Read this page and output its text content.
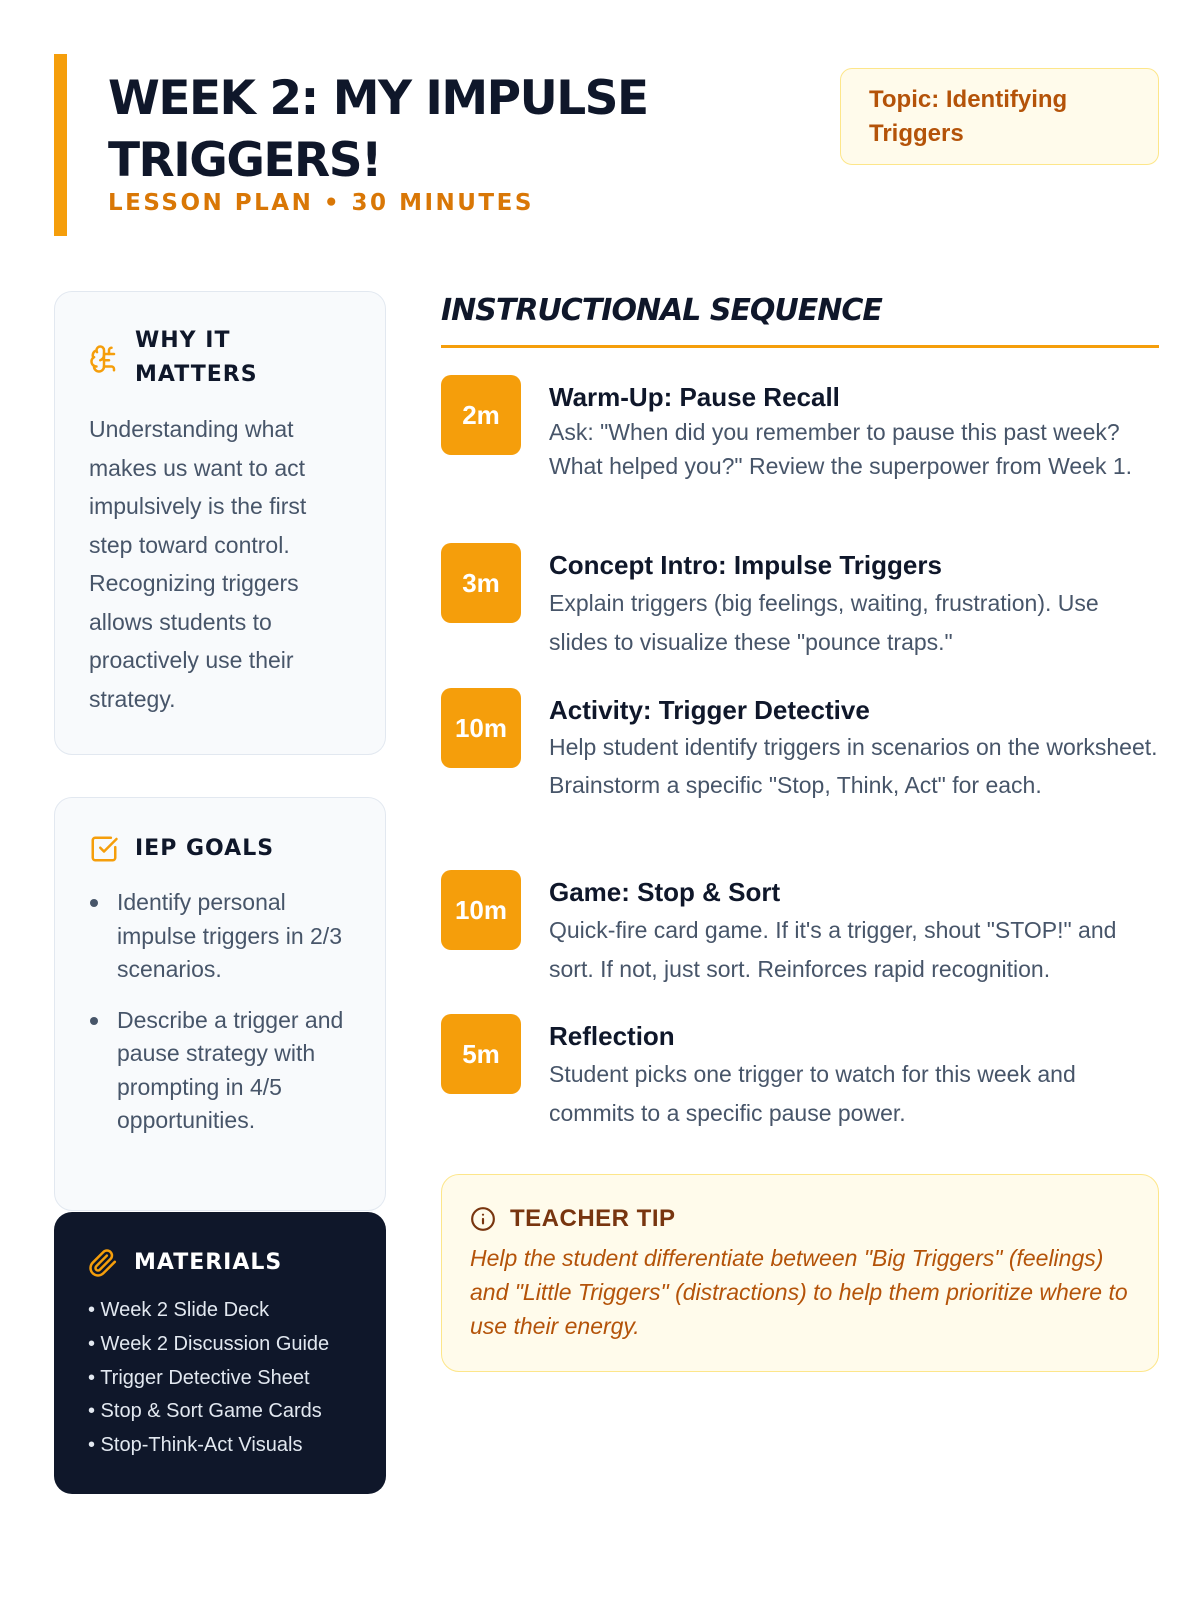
WEEK 2: MY IMPULSE TRIGGERS!
LESSON PLAN • 30 MINUTES
Topic: Identifying Triggers
WHY IT MATTERS

Understanding what makes us want to act impulsively is the first step toward control. Recognizing triggers allows students to proactively use their strategy.

IEP GOALS
Identify personal impulse triggers in 2/3 scenarios.
Describe a trigger and pause strategy with prompting in 4/5 opportunities.
MATERIALS
• Week 2 Slide Deck
• Week 2 Discussion Guide
• Trigger Detective Sheet
• Stop & Sort Game Cards
• Stop-Think-Act Visuals
INSTRUCTIONAL SEQUENCE
2m
Warm-Up: Pause Recall
Ask: "When did you remember to pause this past week? What helped you?" Review the superpower from Week 1.
3m
Concept Intro: Impulse Triggers
Explain triggers (big feelings, waiting, frustration). Use slides to visualize these "pounce traps."
10m
Activity: Trigger Detective
Help student identify triggers in scenarios on the worksheet. Brainstorm a specific "Stop, Think, Act" for each.
10m
Game: Stop & Sort
Quick-fire card game. If it's a trigger, shout "STOP!" and sort. If not, just sort. Reinforces rapid recognition.
5m
Reflection
Student picks one trigger to watch for this week and commits to a specific pause power.
TEACHER TIP

Help the student differentiate between "Big Triggers" (feelings) and "Little Triggers" (distractions) to help them prioritize where to use their energy.
